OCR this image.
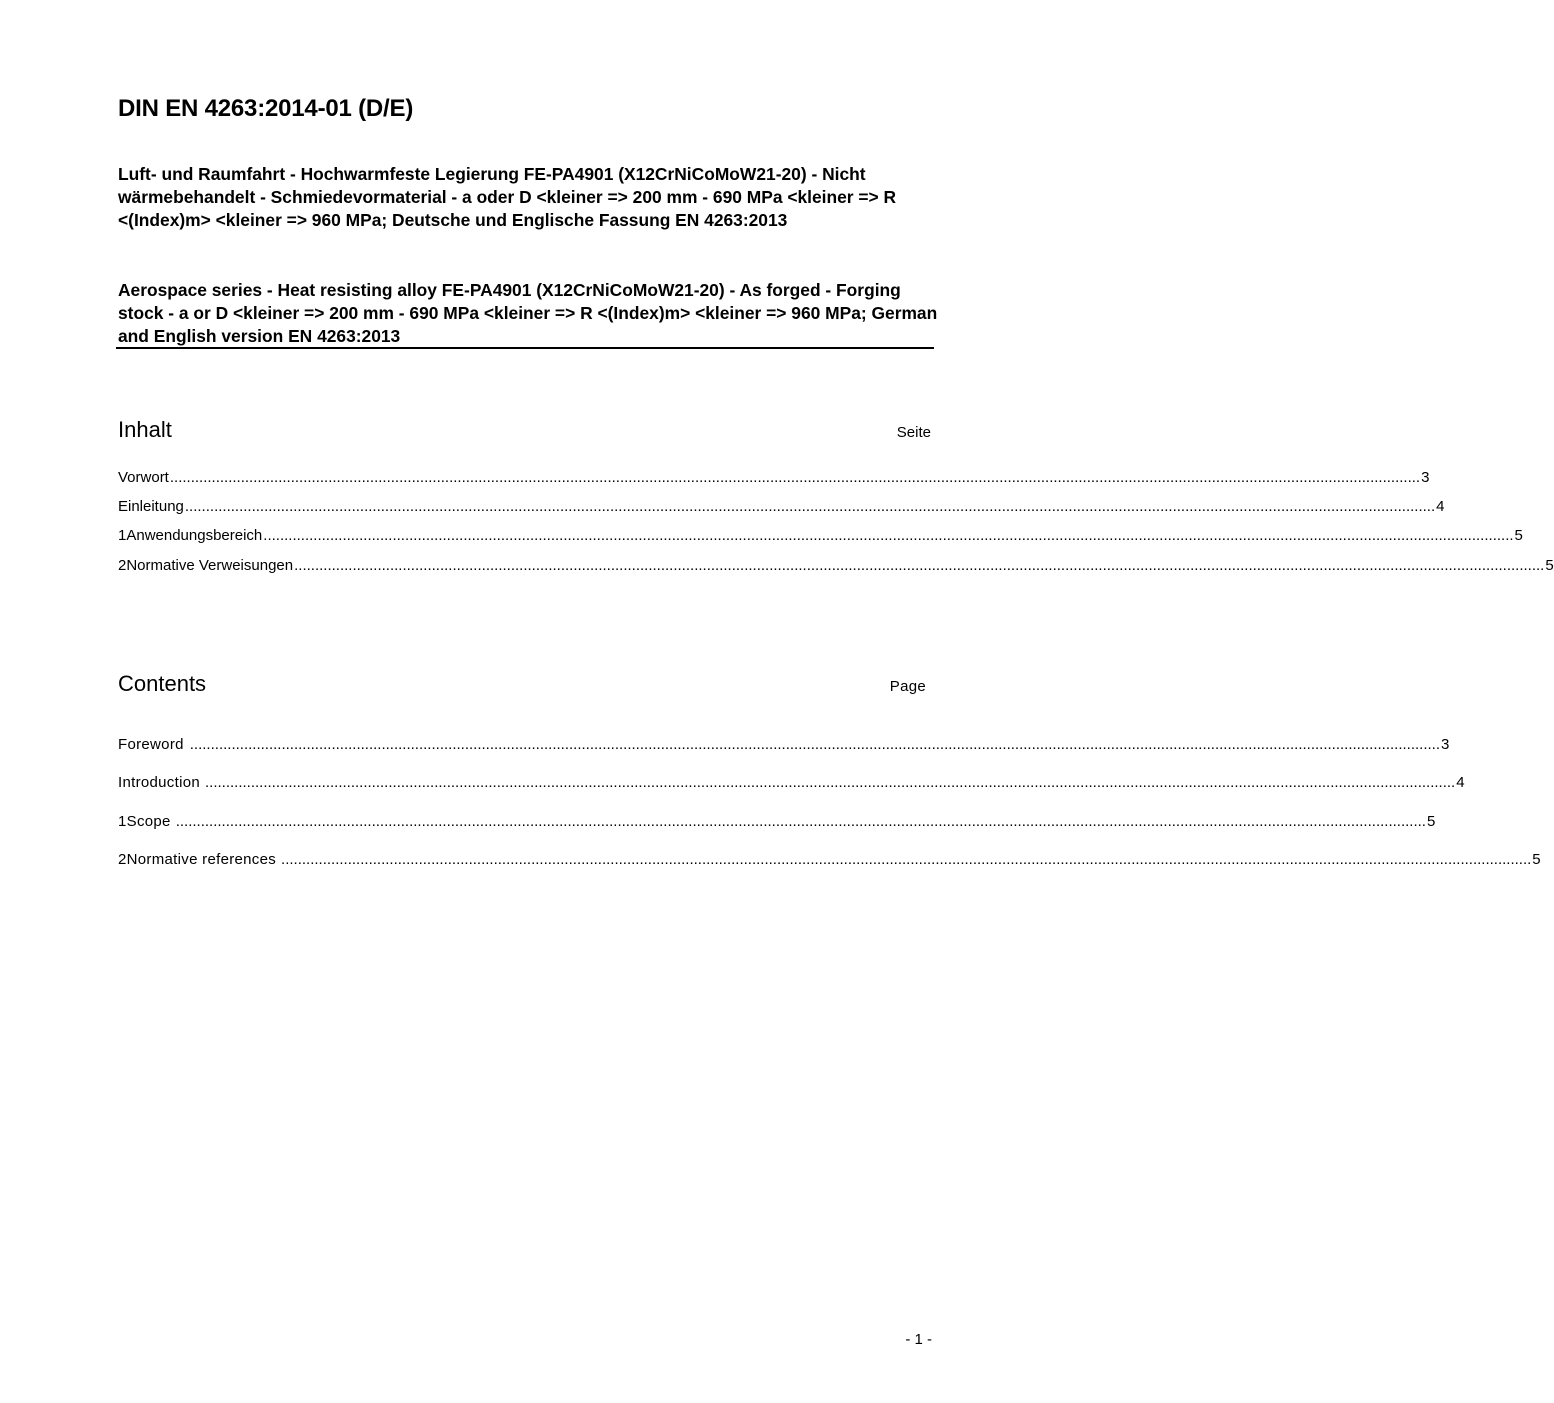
DIN EN 4263:2014-01 (D/E)
Luft- und Raumfahrt - Hochwarmfeste Legierung FE-PA4901 (X12CrNiCoMoW21-20) - Nicht wärmebehandelt - Schmiedevormaterial - a oder D <kleiner => 200 mm - 690 MPa <kleiner => R <(Index)m> <kleiner => 960 MPa; Deutsche und Englische Fassung EN 4263:2013
Aerospace series - Heat resisting alloy FE-PA4901 (X12CrNiCoMoW21-20) - As forged - Forging stock - a or D <kleiner => 200 mm - 690 MPa <kleiner => R <(Index)m> <kleiner => 960 MPa; German and English version EN 4263:2013
Inhalt	Seite
Vorwort ............................................................................................................................................................................................................................................................................................................ 3
Einleitung ............................................................................................................................................................................................................................................................................................................ 4
1 Anwendungsbereich ............................................................................................................................................................................................................................................................................................................ 5
2 Normative Verweisungen ............................................................................................................................................................................................................................................................................................................ 5
Contents	Page
Foreword ............................................................................................................................................................................................................................................................................................................ 3
Introduction ............................................................................................................................................................................................................................................................................................................ 4
1 Scope ............................................................................................................................................................................................................................................................................................................ 5
2 Normative references ............................................................................................................................................................................................................................................................................................................ 5
- 1 -
